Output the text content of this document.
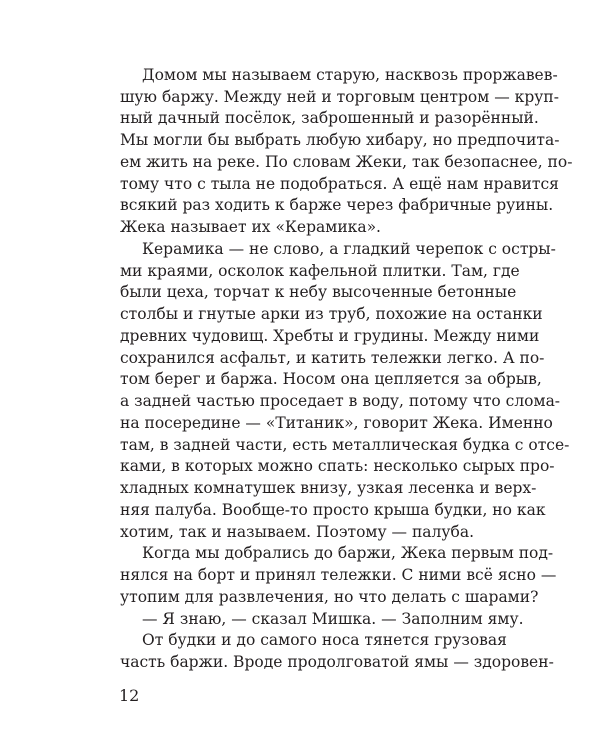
Домом мы называем старую, насквозь проржавев-
шую баржу. Между ней и торговым центром — круп-
ный дачный посёлок, заброшенный и разорённый.
Мы могли бы выбрать любую хибару, но предпочита-
ем жить на реке. По словам Жеки, так безопаснее, по-
тому что с тыла не подобраться. А ещё нам нравится
всякий раз ходить к барже через фабричные руины.
Жека называет их «Керамика».
Керамика — не слово, а гладкий черепок с остры-
ми краями, осколок кафельной плитки. Там, где
были цеха, торчат к небу высоченные бетонные
столбы и гнутые арки из труб, похожие на останки
древних чудовищ. Хребты и грудины. Между ними
сохранился асфальт, и катить тележки легко. А по-
том берег и баржа. Носом она цепляется за обрыв,
а задней частью проседает в воду, потому что слома-
на посередине — «Титаник», говорит Жека. Именно
там, в задней части, есть металлическая будка с отсе-
ками, в которых можно спать: несколько сырых про-
хладных комнатушек внизу, узкая лесенка и верх-
няя палуба. Вообще-то просто крыша будки, но как
хотим, так и называем. Поэтому — палуба.
Когда мы добрались до баржи, Жека первым под-
нялся на борт и принял тележки. С ними всё ясно —
утопим для развлечения, но что делать с шарами?
— Я знаю, — сказал Мишка. — Заполним яму.
От будки и до самого носа тянется грузовая
часть баржи. Вроде продолговатой ямы — здоровен-
12
